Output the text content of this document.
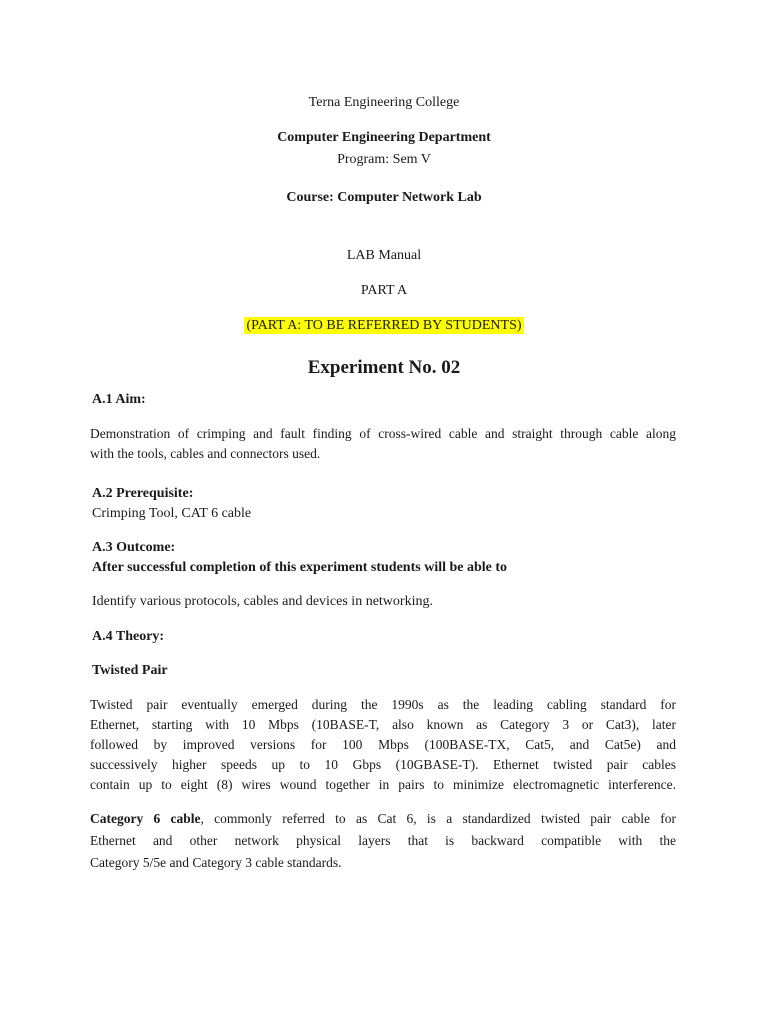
Terna Engineering College
Computer Engineering Department
Program: Sem V
Course: Computer Network Lab
LAB Manual
PART A
(PART A: TO BE REFERRED BY STUDENTS)
Experiment No. 02
A.1 Aim:
Demonstration of crimping and fault finding of cross-wired cable and straight through cable along
with the tools, cables and connectors used.
A.2 Prerequisite:
Crimping Tool, CAT 6 cable
A.3 Outcome:
After successful completion of this experiment students will be able to
Identify various protocols, cables and devices in networking.
A.4 Theory:
Twisted Pair
Twisted pair eventually emerged during the 1990s as the leading cabling standard for
Ethernet, starting with 10 Mbps (10BASE-T, also known as Category 3 or Cat3), later
followed by improved versions for 100 Mbps (100BASE-TX, Cat5, and Cat5e) and
successively higher speeds up to 10 Gbps (10GBASE-T). Ethernet twisted pair cables
contain up to eight (8) wires wound together in pairs to minimize electromagnetic interference.
Category 6 cable, commonly referred to as Cat 6, is a standardized twisted pair cable for
Ethernet and other network physical layers that is backward compatible with the
Category 5/5e and Category 3 cable standards.
